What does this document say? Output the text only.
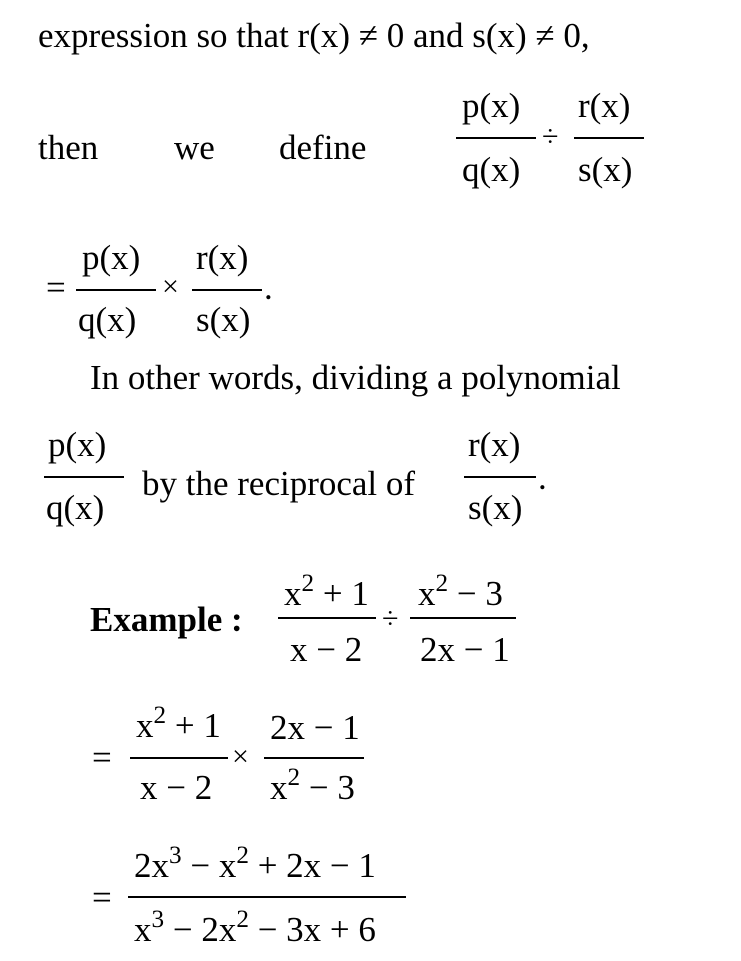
expression so that r(x) ≠ 0 and s(x) ≠ 0,
then we define
p(x)
q(x)
÷
r(x)
s(x)
=
p(x)
q(x)
×
r(x)
s(x)
.
In other words, dividing a polynomial
p(x)
q(x)
by the reciprocal of
r(x)
s(x)
.
Example :
$x^2 + 1$
x − 2
÷
$x^2 - 3$
2x − 1
=
$x^2 + 1$
x − 2
×
2x − 1
$x^2 - 3$
=
$2x^3 - x^2 + 2x - 1$
$x^3 - 2x^2 - 3x + 6$
